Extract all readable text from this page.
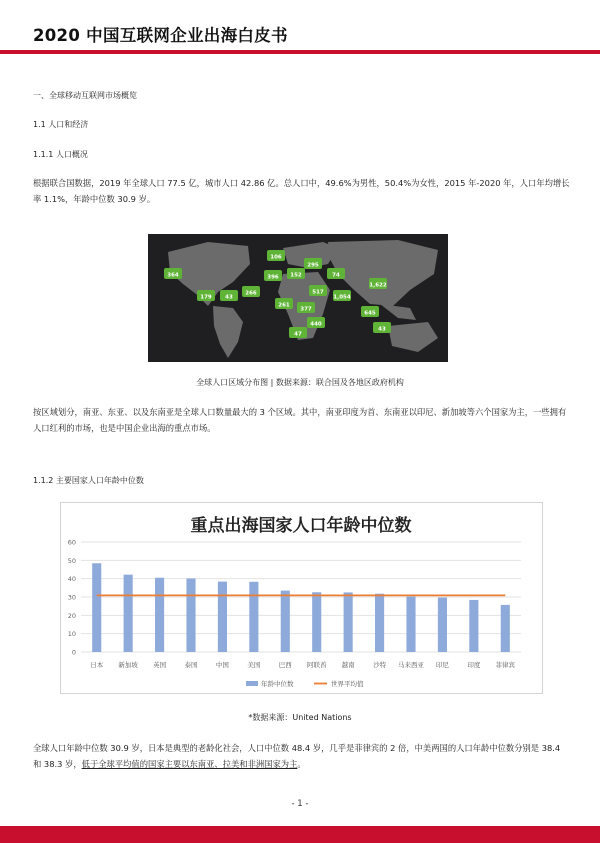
2020 中国互联网企业出海白皮书
一、全球移动互联网市场概览
1.1 人口和经济
1.1.1 人口概况
根据联合国数据，2019 年全球人口 77.5 亿，城市人口 42.86 亿。总人口中，49.6%为男性，50.4%为女性，2015 年-2020 年，人口年均增长率 1.1%，年龄中位数 30.9 岁。
364
106
295
396 152	74
266	517
1,622
179 43
261
645
1,054
377
440
43
47
全球人口区域分布图 | 数据来源：联合国及各地区政府机构
按区域划分，南亚、东亚、以及东南亚是全球人口数量最大的 3 个区域。其中，南亚印度为首、东南亚以印尼、新加坡等六个国家为主，一些拥有人口红利的市场，也是中国企业出海的重点市场。
1.1.2 主要国家人口年龄中位数
重点出海国家人口年龄中位数
0
10
20
30
40
50
60
日本 新加坡 英国	泰国	中国	美国	巴西 阿联酋 越南	沙特 马来西亚 印尼	印度 菲律宾
年龄中位数	世界平均值
*数据来源：United Nations
全球人口年龄中位数 30.9 岁，日本是典型的老龄化社会，人口中位数 48.4 岁，几乎是菲律宾的 2 倍，中美两国的人口年龄中位数分别是 38.4 和 38.3 岁，低于全球平均值的国家主要以东南亚、拉美和非洲国家为主。
- 1 -
